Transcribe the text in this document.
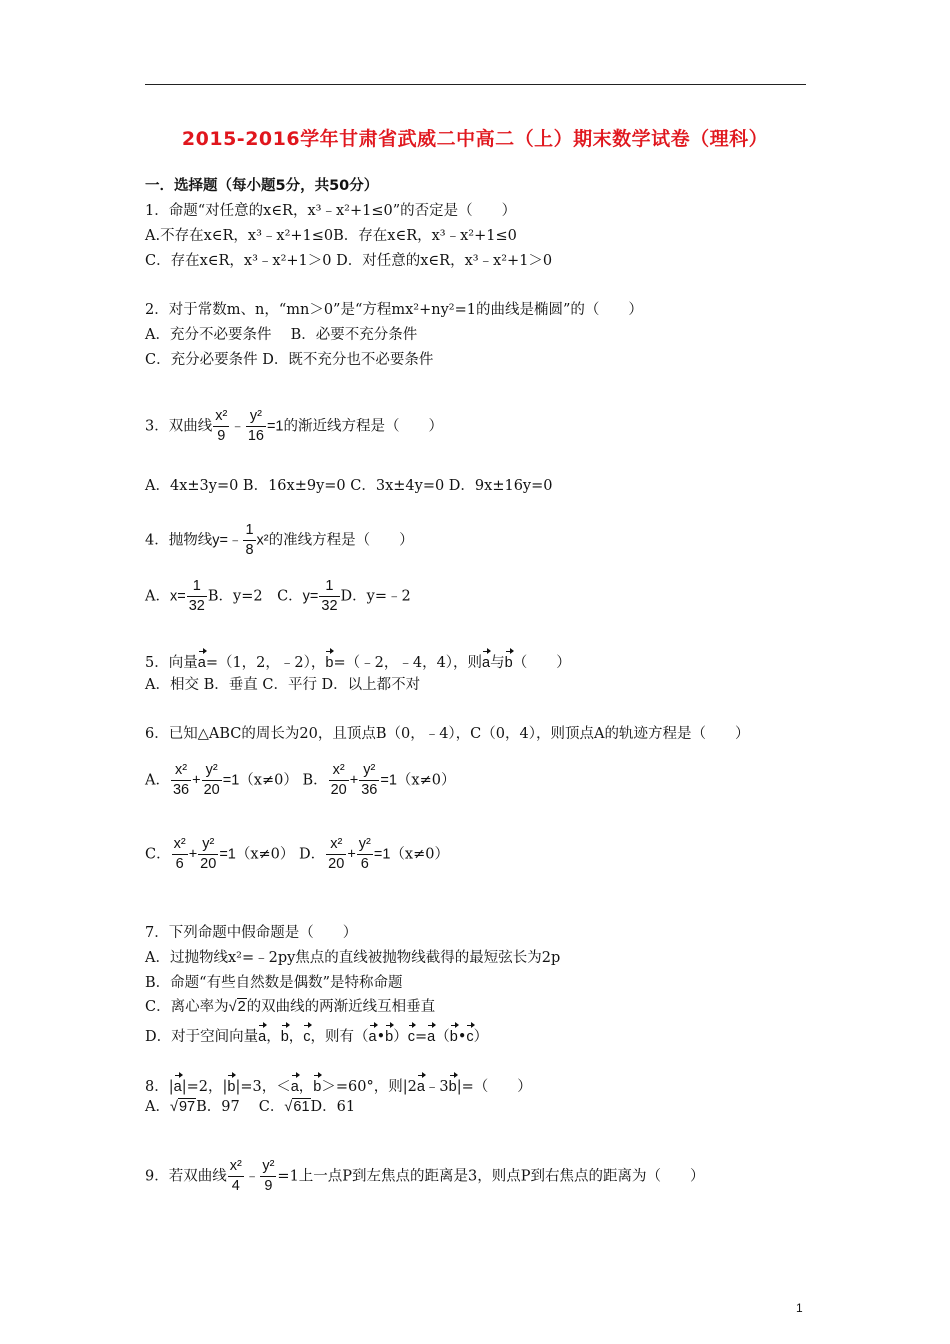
2015-2016学年甘肃省武威二中高二（上）期末数学试卷（理科）
一．选择题（每小题5分，共50分）
1．命题“对任意的x∈R，x³﹣x²+1≤0”的否定是（　　）
A.不存在x∈R，x³﹣x²+1≤0B．存在x∈R，x³﹣x²+1≤0
C．存在x∈R，x³﹣x²+1＞0 D．对任意的x∈R，x³﹣x²+1＞0
2．对于常数m、n，“mn＞0”是“方程mx²+ny²=1的曲线是椭圆”的（　　）
A．充分不必要条件　 B．必要不充分条件
C．充分必要条件 D．既不充分也不必要条件
3．双曲线 $\frac{\text{x²}}{9}$ ﹣ $\frac{\text{y²}}{16} =1$的渐近线方程是（　　）
A．4x±3y=0 B．16x±9y=0 C．3x±4y=0 D．9x±16y=0
4．抛物线y=﹣ $\frac{1}{8} x^2$的准线方程是（　　）
A．$x= \frac{1}{32}$ B．y=2　C．$y= \frac{1}{32}$ D．y=﹣2
5．向量a=（1，2，﹣2），b=（﹣2，﹣4，4），则a与b（　　）
A．相交 B．垂直 C．平行 D．以上都不对
6．已知△ABC的周长为20，且顶点B（0，﹣4），C（0，4），则顶点A的轨迹方程是（　　）
A． $\frac{\text{x²}}{36} + \frac{\text{y²}}{20} =1(x\ne 0)$ B． $\frac{\text{x²}}{20} + \frac{\text{y²}}{36} =1(x\ne 0)$
C． $\frac{\text{x²}}{6} + \frac{\text{y²}}{20} =1(x\ne 0)$ D． $\frac{\text{x²}}{20} + \frac{\text{y²}}{6} =1(x\ne 0)$
7．下列命题中假命题是（　　）
A．过抛物线x²=﹣2py焦点的直线被抛物线截得的最短弦长为2p
B．命题“有些自然数是偶数”是特称命题
C．离心率为√2的双曲线的两渐近线互相垂直
D．对于空间向量a，b，c，则有（a•b）c=a（b•c）
8．|a|=2，|b|=3，＜a，b＞=60°，则|2a﹣3b|=（　　）
A．√97B．97　 C．√61D．61
9．若双曲线 $\frac{\text{x²}}{4}$ ﹣ $\frac{\text{y²}}{9} =1$上一点P到左焦点的距离是3，则点P到右焦点的距离为（　　）
1
